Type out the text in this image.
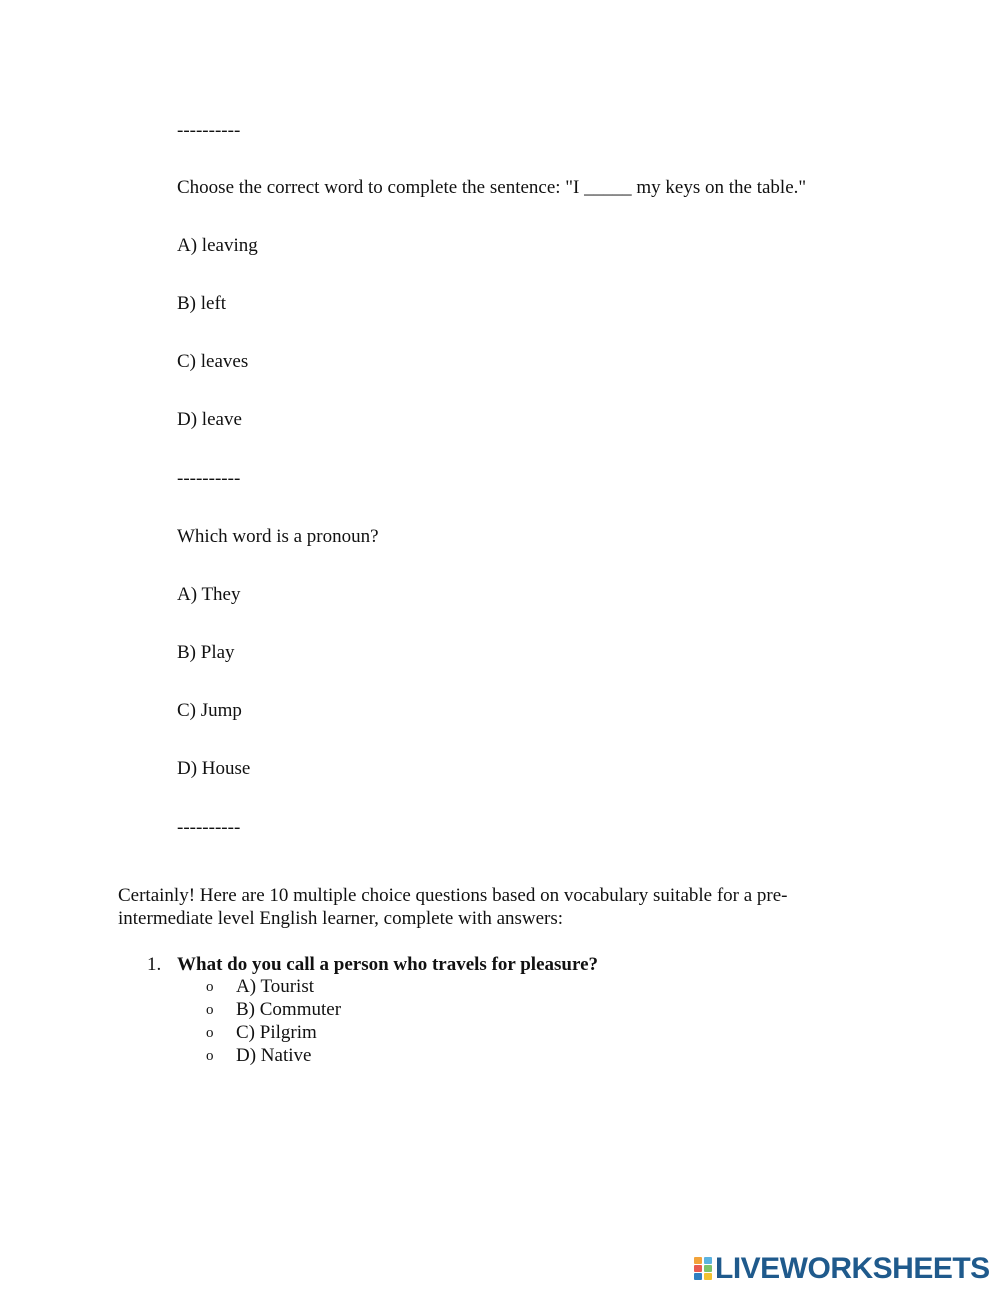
----------
Choose the correct word to complete the sentence: "I _____ my keys on the table."
A) leaving
B) left
C) leaves
D) leave
----------
Which word is a pronoun?
A) They
B) Play
C) Jump
D) House
----------
Certainly! Here are 10 multiple choice questions based on vocabulary suitable for a pre-intermediate level English learner, complete with answers:
1. What do you call a person who travels for pleasure?
o A) Tourist
o B) Commuter
o C) Pilgrim
o D) Native
LIVEWORKSHEETS
